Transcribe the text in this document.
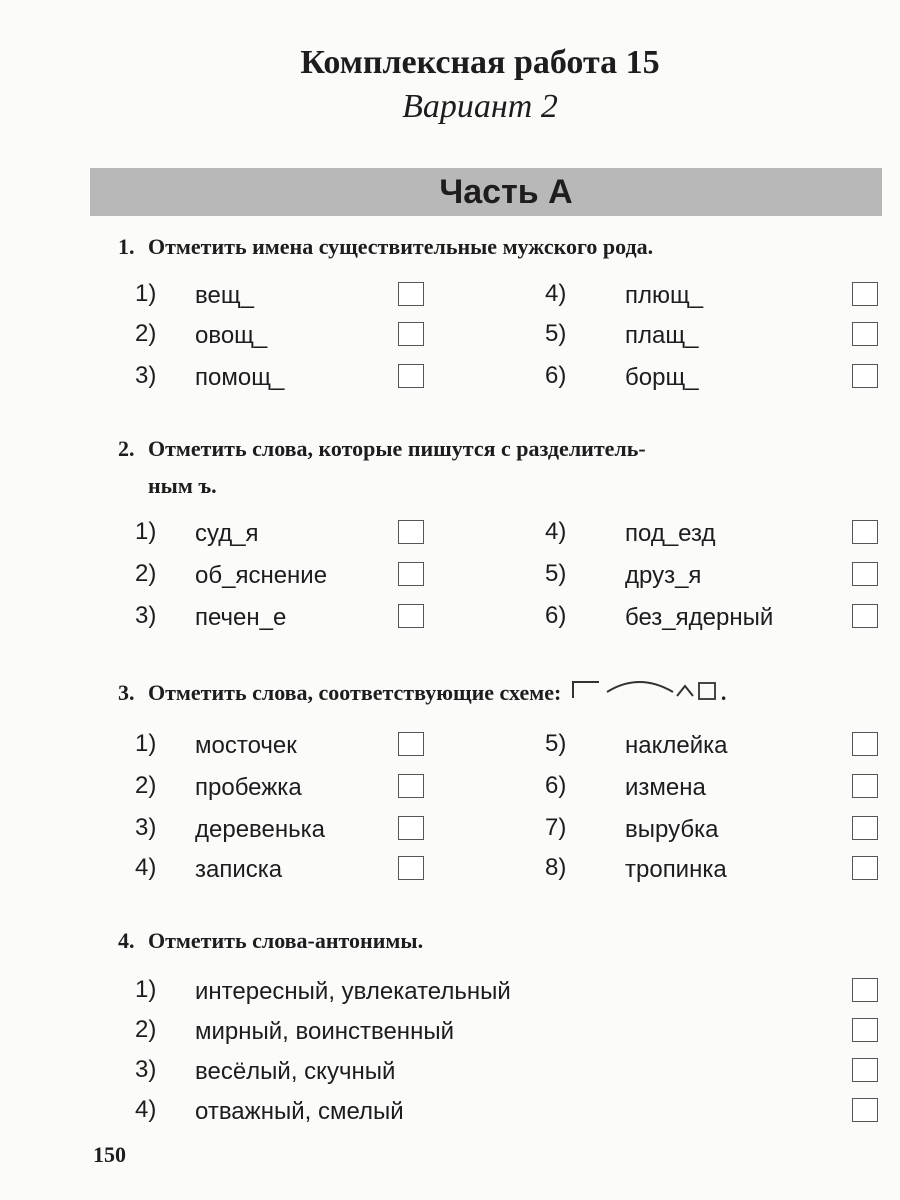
Комплексная работа 15
Вариант 2
Часть А
1. Отметить имена существительные мужского рода.
2. Отметить слова, которые пишутся с разделитель-
ным ъ.
3. Отметить слова, соответствующие схеме:	.
4. Отметить слова-антонимы.
1) вещ_
2) овощ_
3) помощ_
4) плющ_
5) плащ_
6) борщ_
1) суд_я
2) об_яснение
3) печен_е
4) под_езд
5) друз_я
6) без_ядерный
1) мосточек
2) пробежка
3) деревенька
4) записка
5) наклейка
6) измена
7) вырубка
8) тропинка
1) интересный, увлекательный
2) мирный, воинственный
3) весёлый, скучный
4) отважный, смелый
150
